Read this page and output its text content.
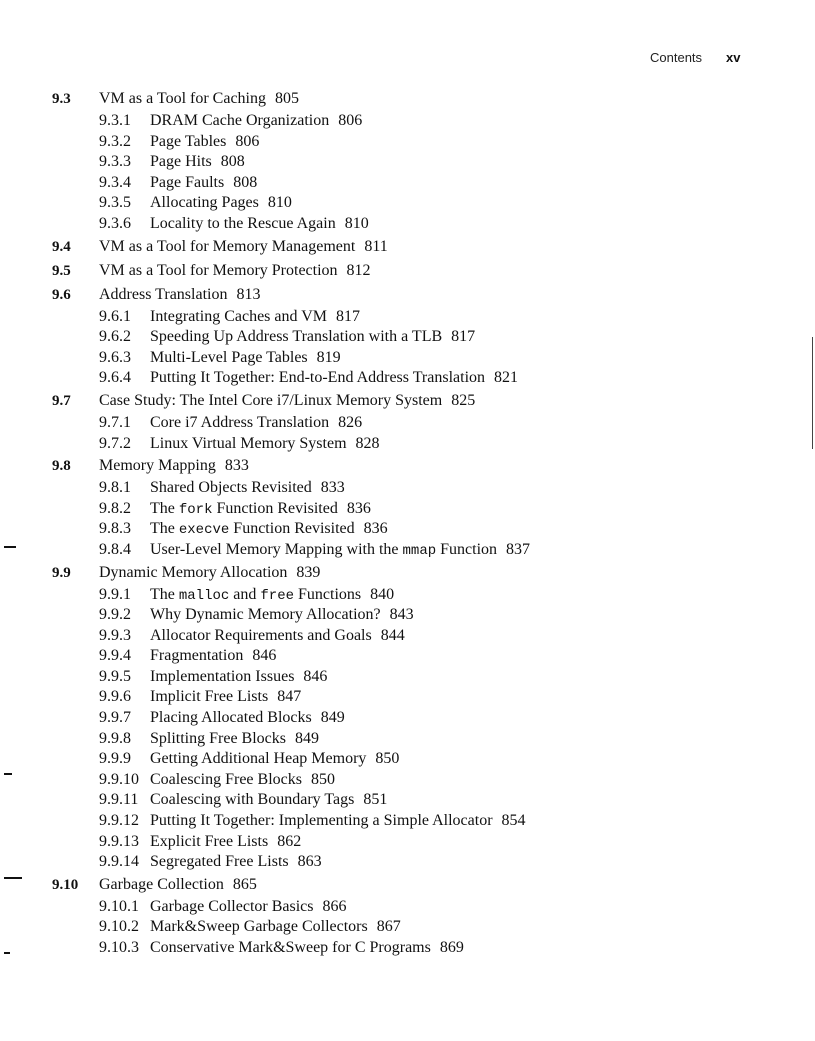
Contents xv
9.3 VM as a Tool for Caching 805
9.3.1 DRAM Cache Organization 806
9.3.2 Page Tables 806
9.3.3 Page Hits 808
9.3.4 Page Faults 808
9.3.5 Allocating Pages 810
9.3.6 Locality to the Rescue Again 810
9.4 VM as a Tool for Memory Management 811
9.5 VM as a Tool for Memory Protection 812
9.6 Address Translation 813
9.6.1 Integrating Caches and VM 817
9.6.2 Speeding Up Address Translation with a TLB 817
9.6.3 Multi-Level Page Tables 819
9.6.4 Putting It Together: End-to-End Address Translation 821
9.7 Case Study: The Intel Core i7/Linux Memory System 825
9.7.1 Core i7 Address Translation 826
9.7.2 Linux Virtual Memory System 828
9.8 Memory Mapping 833
9.8.1 Shared Objects Revisited 833
9.8.2 The fork Function Revisited 836
9.8.3 The execve Function Revisited 836
9.8.4 User-Level Memory Mapping with the mmap Function 837
9.9 Dynamic Memory Allocation 839
9.9.1 The malloc and free Functions 840
9.9.2 Why Dynamic Memory Allocation? 843
9.9.3 Allocator Requirements and Goals 844
9.9.4 Fragmentation 846
9.9.5 Implementation Issues 846
9.9.6 Implicit Free Lists 847
9.9.7 Placing Allocated Blocks 849
9.9.8 Splitting Free Blocks 849
9.9.9 Getting Additional Heap Memory 850
9.9.10 Coalescing Free Blocks 850
9.9.11 Coalescing with Boundary Tags 851
9.9.12 Putting It Together: Implementing a Simple Allocator 854
9.9.13 Explicit Free Lists 862
9.9.14 Segregated Free Lists 863
9.10 Garbage Collection 865
9.10.1 Garbage Collector Basics 866
9.10.2 Mark&Sweep Garbage Collectors 867
9.10.3 Conservative Mark&Sweep for C Programs 869
